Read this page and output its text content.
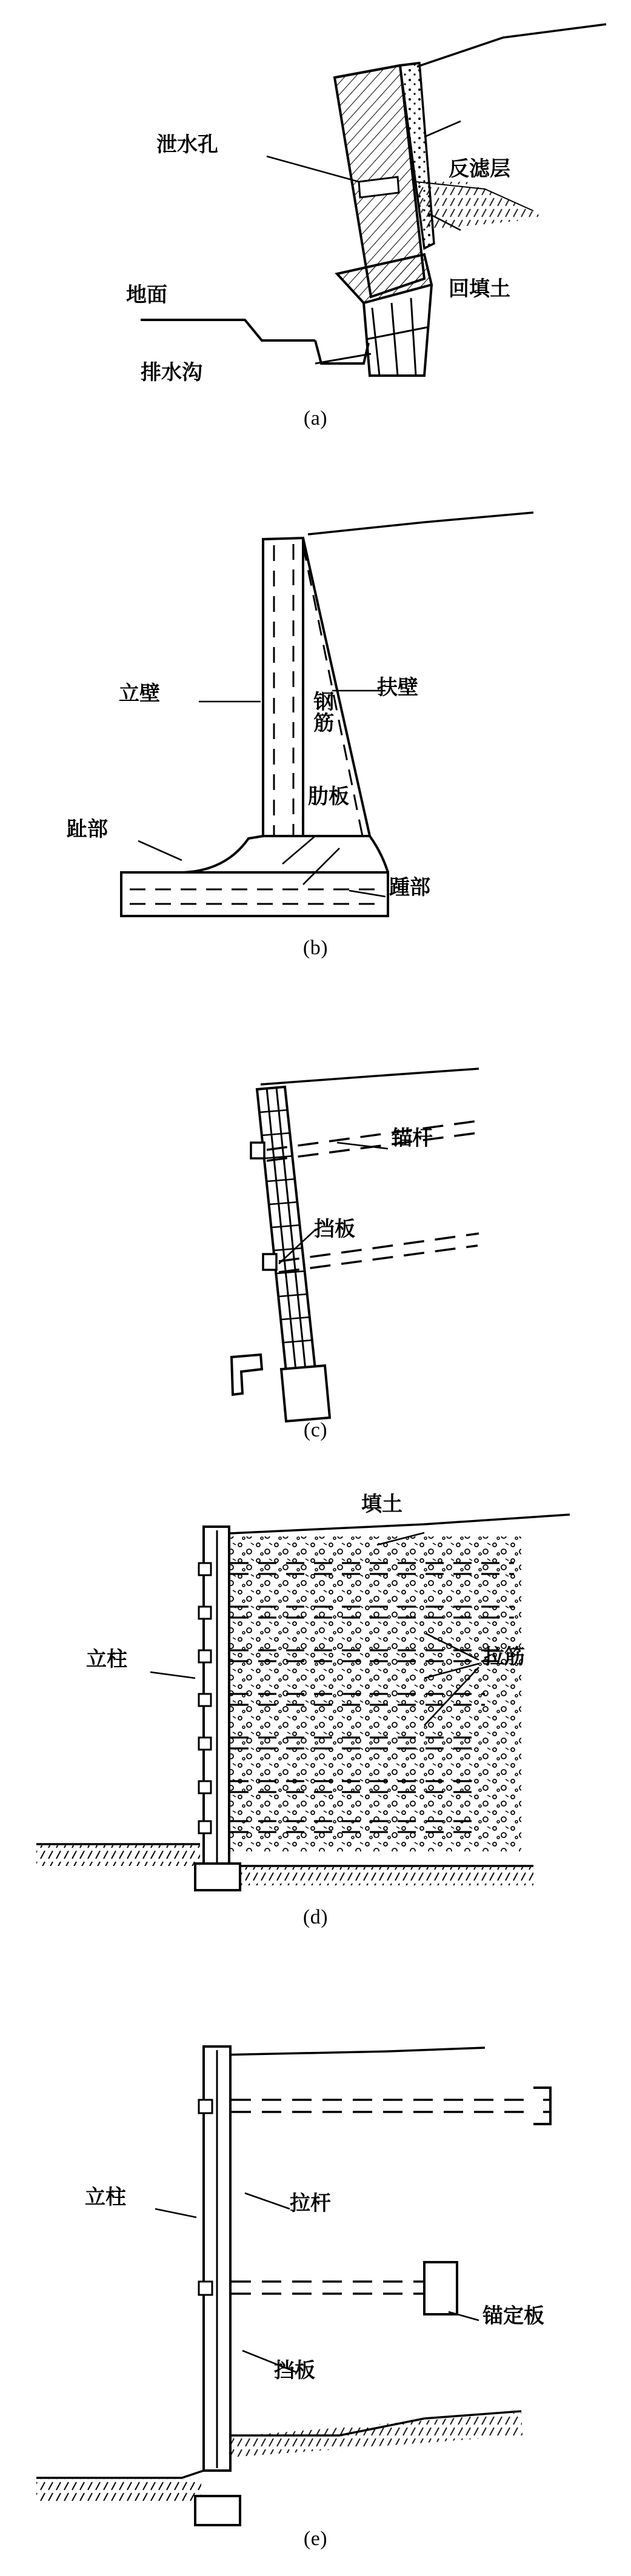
泄水孔
反滤层
回填土
地面
排水沟
(a)
立壁	扶壁
钢筋
肋板
趾部
踵部
(b)
锚杆
挡板
(c)
填土
立柱	拉筋
(d)
立柱	拉杆
锚定板
挡板
(e)
